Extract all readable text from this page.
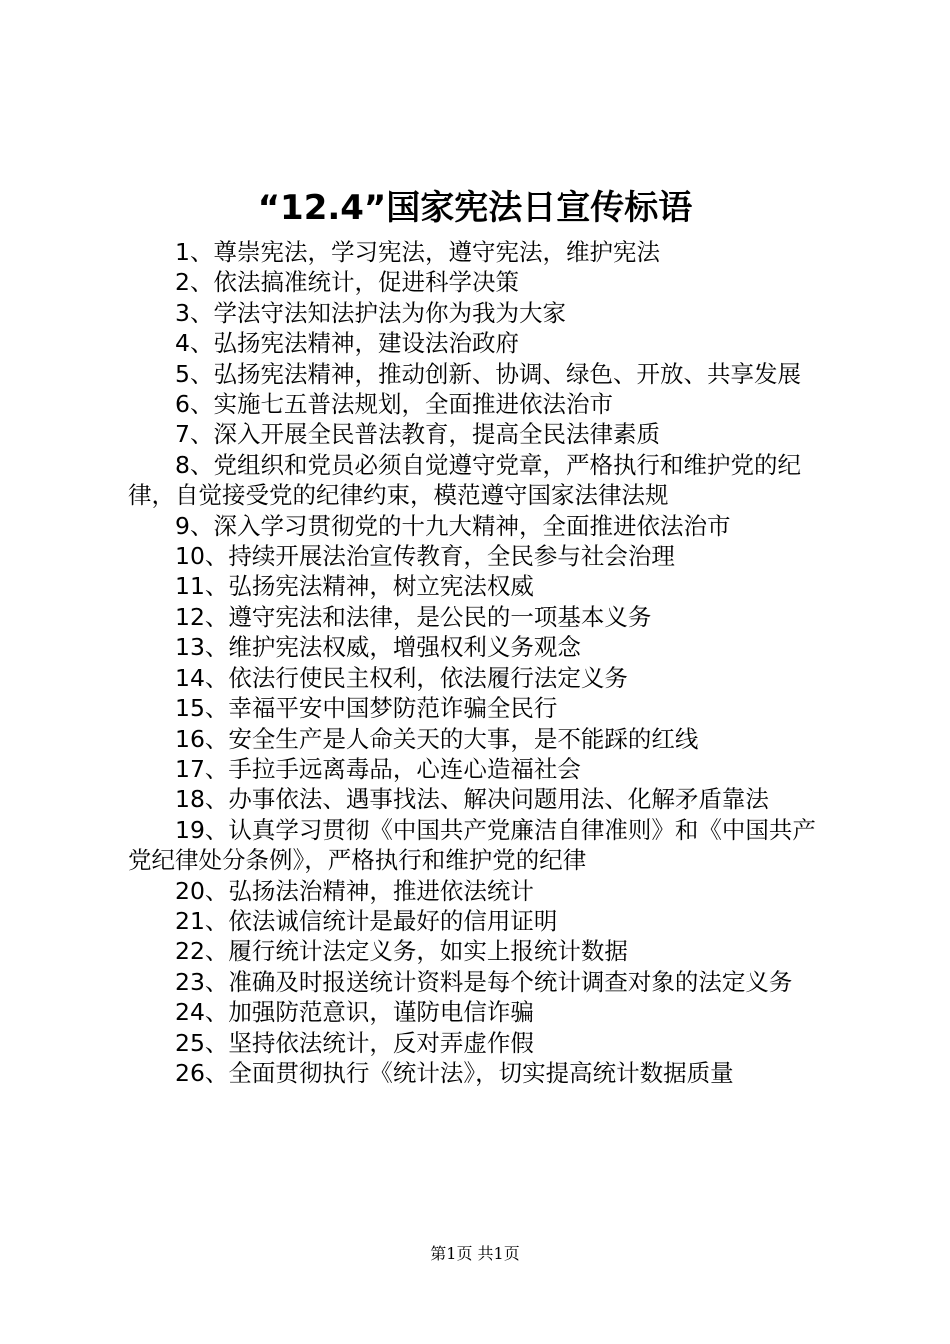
“12.4”国家宪法日宣传标语
1、尊崇宪法，学习宪法，遵守宪法，维护宪法
2、依法搞准统计，促进科学决策
3、学法守法知法护法为你为我为大家
4、弘扬宪法精神，建设法治政府
5、弘扬宪法精神，推动创新、协调、绿色、开放、共享发展
6、实施七五普法规划，全面推进依法治市
7、深入开展全民普法教育，提高全民法律素质
8、党组织和党员必须自觉遵守党章，严格执行和维护党的纪律，自觉接受党的纪律约束，模范遵守国家法律法规
9、深入学习贯彻党的十九大精神，全面推进依法治市
10、持续开展法治宣传教育，全民参与社会治理
11、弘扬宪法精神，树立宪法权威
12、遵守宪法和法律，是公民的一项基本义务
13、维护宪法权威，增强权利义务观念
14、依法行使民主权利，依法履行法定义务
15、幸福平安中国梦防范诈骗全民行
16、安全生产是人命关天的大事，是不能踩的红线
17、手拉手远离毒品，心连心造福社会
18、办事依法、遇事找法、解决问题用法、化解矛盾靠法
19、认真学习贯彻《中国共产党廉洁自律准则》和《中国共产党纪律处分条例》，严格执行和维护党的纪律
20、弘扬法治精神，推进依法统计
21、依法诚信统计是最好的信用证明
22、履行统计法定义务，如实上报统计数据
23、准确及时报送统计资料是每个统计调查对象的法定义务
24、加强防范意识，谨防电信诈骗
25、坚持依法统计，反对弄虚作假
26、全面贯彻执行《统计法》，切实提高统计数据质量
第1页 共1页
